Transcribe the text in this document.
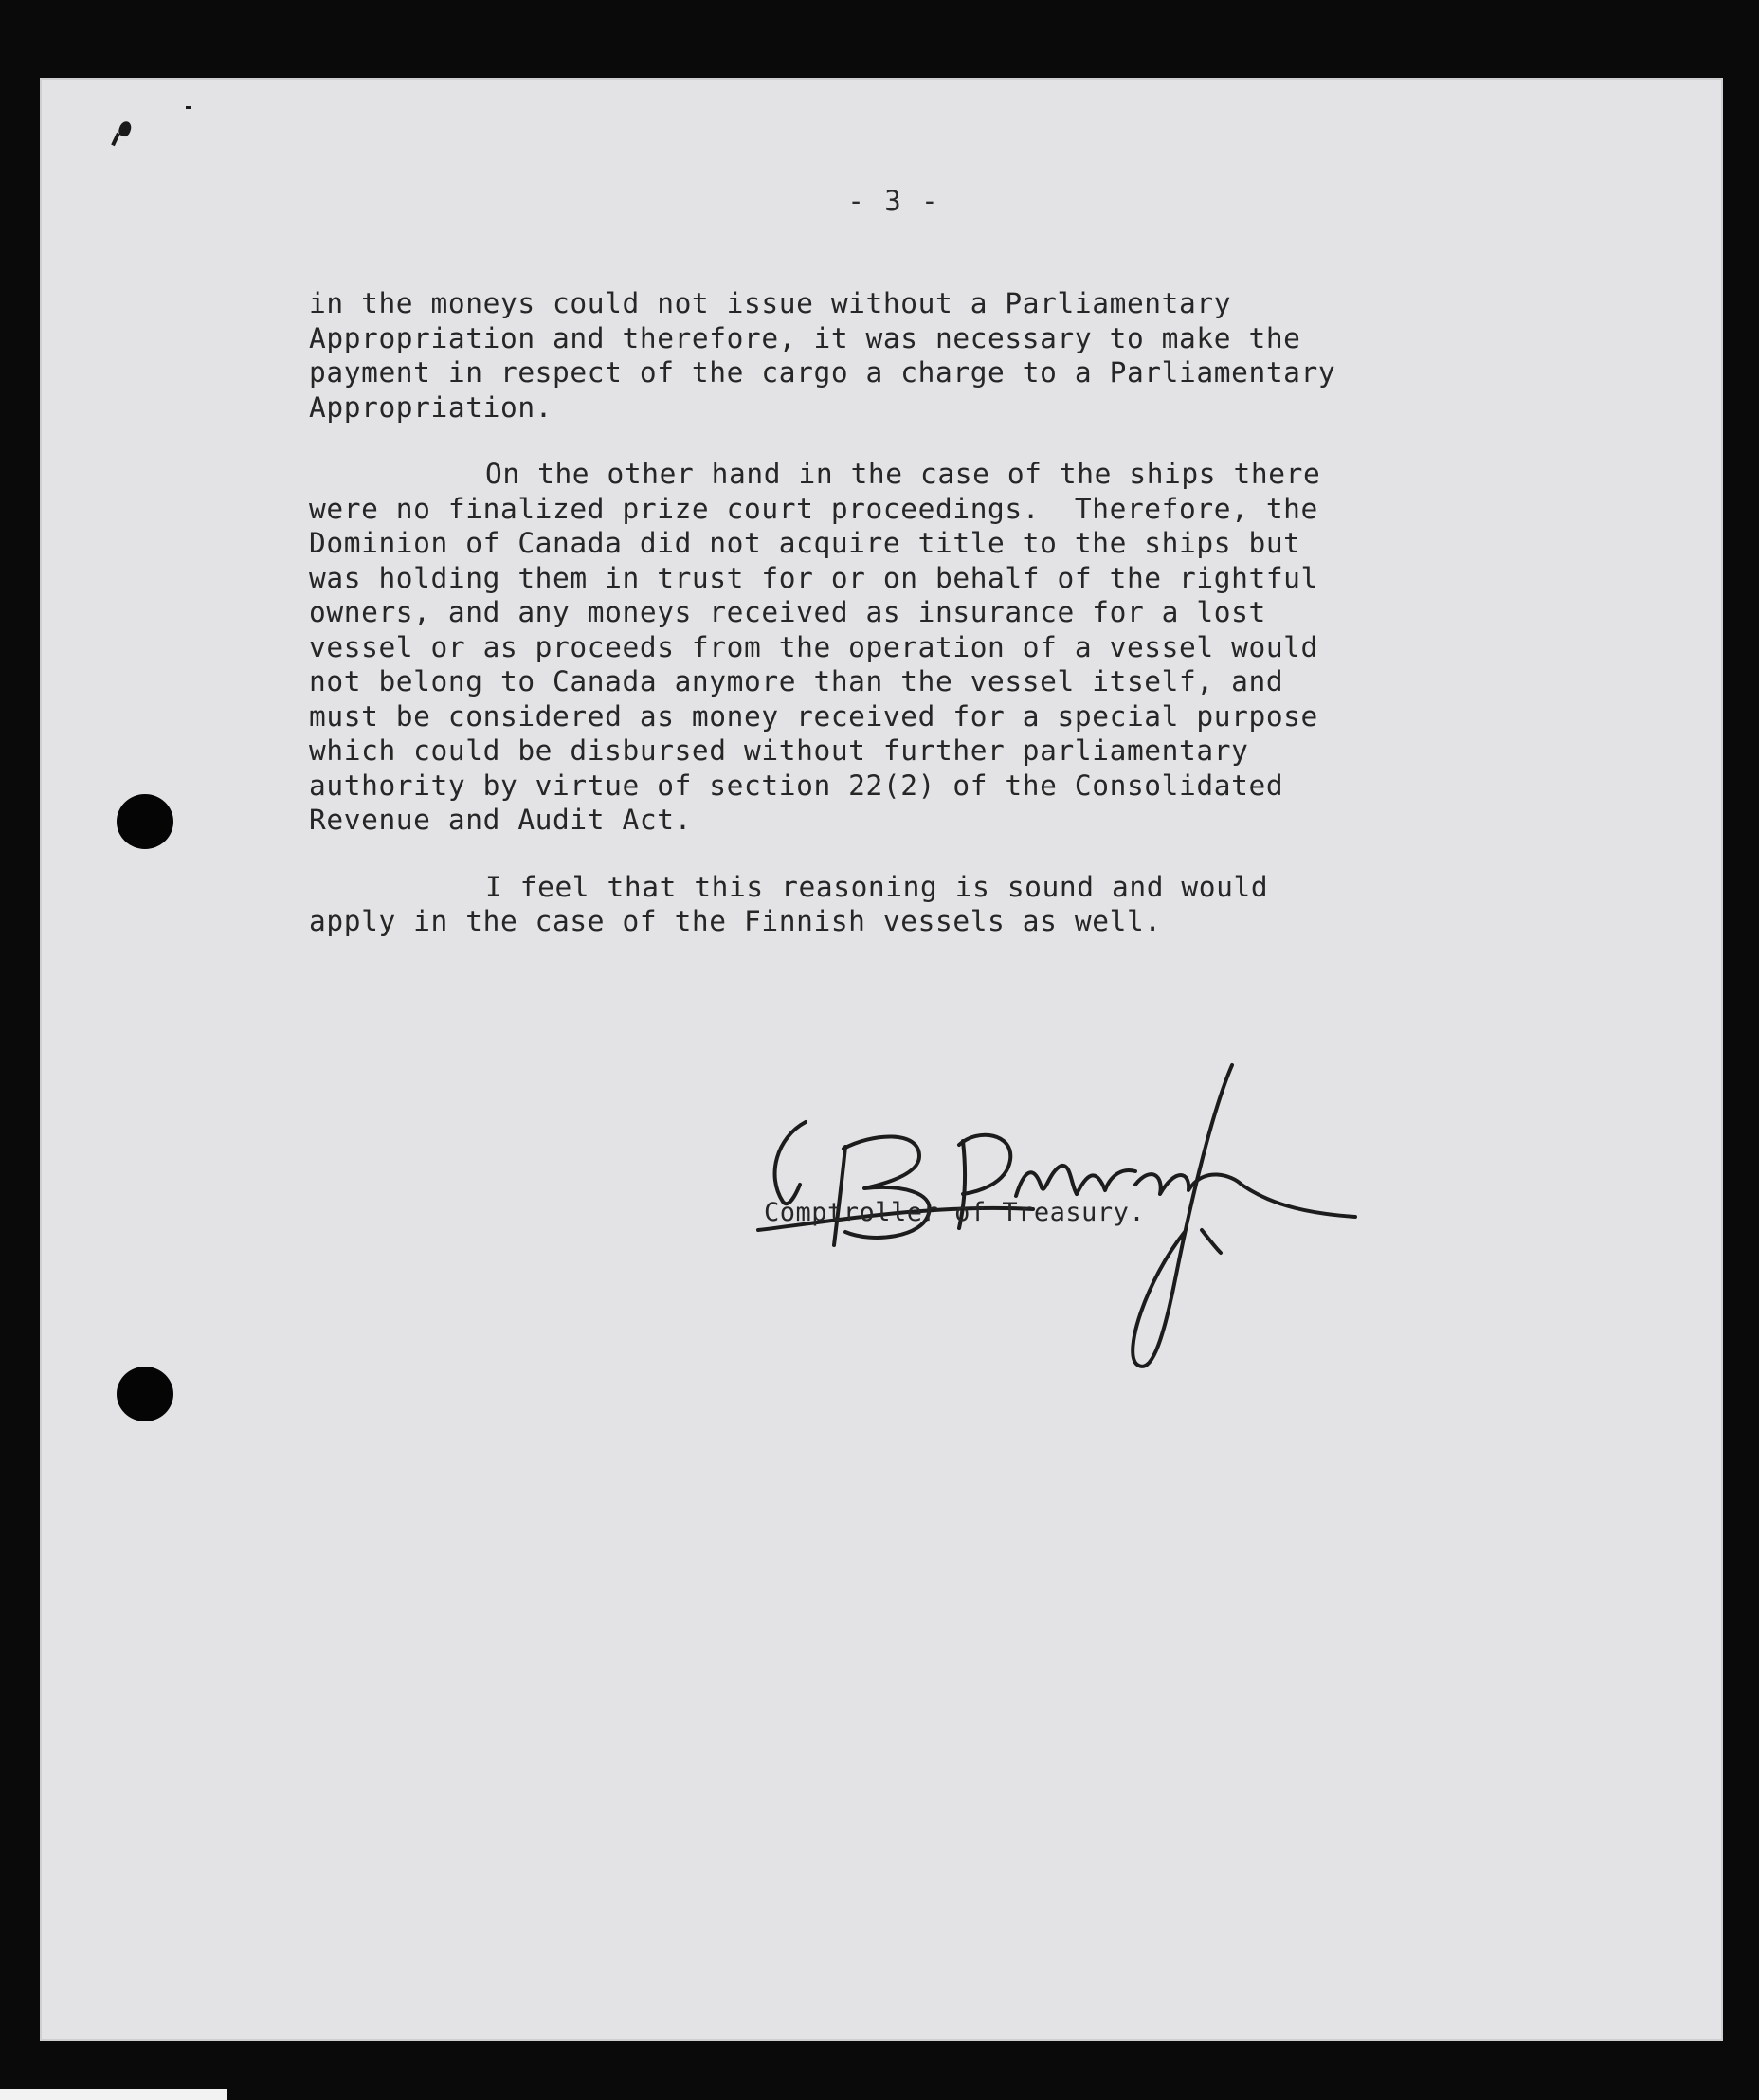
- 3 -
in the moneys could not issue without a Parliamentary
Appropriation and therefore, it was necessary to make the
payment in respect of the cargo a charge to a Parliamentary
Appropriation.
On the other hand in the case of the ships there
were no finalized prize court proceedings.  Therefore, the
Dominion of Canada did not acquire title to the ships but
was holding them in trust for or on behalf of the rightful
owners, and any moneys received as insurance for a lost
vessel or as proceeds from the operation of a vessel would
not belong to Canada anymore than the vessel itself, and
must be considered as money received for a special purpose
which could be disbursed without further parliamentary
authority by virtue of section 22(2) of the Consolidated
Revenue and Audit Act.
I feel that this reasoning is sound and would
apply in the case of the Finnish vessels as well.
Comptroller of Treasury.
